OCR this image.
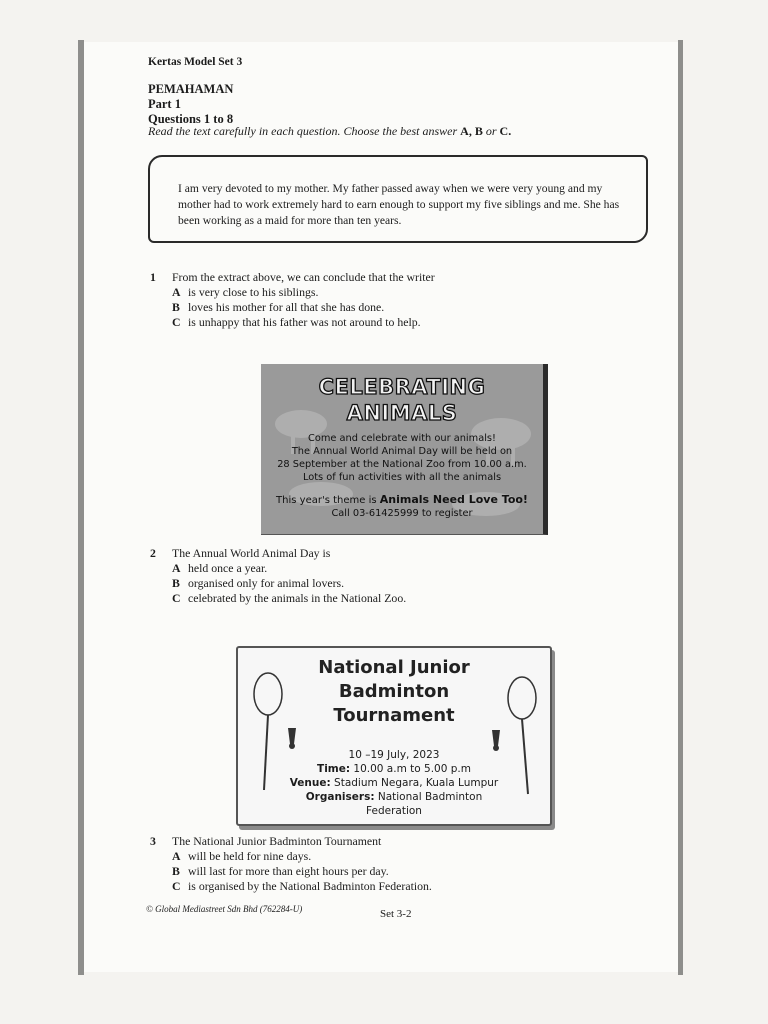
Kertas Model Set 3
PEMAHAMAN
Part 1
Questions 1 to 8
Read the text carefully in each question. Choose the best answer A, B or C.
I am very devoted to my mother. My father passed away when we were very young and my mother had to work extremely hard to earn enough to support my five siblings and me. She has been working as a maid for more than ten years.
1 From the extract above, we can conclude that the writer
A is very close to his siblings.
B loves his mother for all that she has done.
C is unhappy that his father was not around to help.
CELEBRATING ANIMALS
Come and celebrate with our animals!
The Annual World Animal Day will be held on
28 September at the National Zoo from 10.00 a.m.
Lots of fun activities with all the animals
This year's theme is Animals Need Love Too!
Call 03-61425999 to register
2 The Annual World Animal Day is
A held once a year.
B organised only for animal lovers.
C celebrated by the animals in the National Zoo.
National Junior
Badminton
Tournament
10 –19 July, 2023
Time: 10.00 a.m to 5.00 p.m
Venue: Stadium Negara, Kuala Lumpur
Organisers: National Badminton Federation
3 The National Junior Badminton Tournament
A will be held for nine days.
B will last for more than eight hours per day.
C is organised by the National Badminton Federation.
© Global Mediastreet Sdn Bhd (762284-U)	Set 3-2
